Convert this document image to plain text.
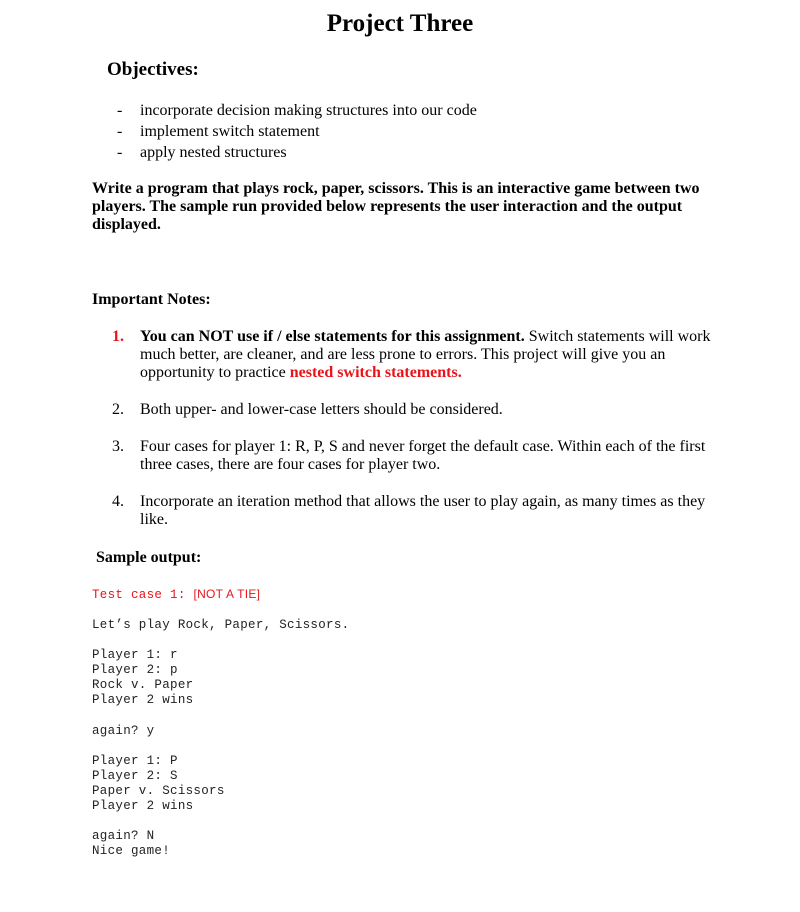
Project Three
Objectives:
-	incorporate decision making structures into our code
-	implement switch statement
-	apply nested structures
Write a program that plays rock, paper, scissors. This is an interactive game between two players. The sample run provided below represents the user interaction and the output displayed.
Important Notes:
1.	You can NOT use if / else statements for this assignment. Switch statements will work much better, are cleaner, and are less prone to errors. This project will give you an opportunity to practice nested switch statements.
2.	Both upper- and lower-case letters should be considered.
3.	Four cases for player 1: R, P, S and never forget the default case. Within each of the first three cases, there are four cases for player two.
4.	Incorporate an iteration method that allows the user to play again, as many times as they like.
Sample output:
Test case 1: [NOT A TIE]
Let’s play Rock, Paper, Scissors.
Player 1: r
Player 2: p
Rock v. Paper
Player 2 wins
again? y
Player 1: P
Player 2: S
Paper v. Scissors
Player 2 wins
again? N
Nice game!
